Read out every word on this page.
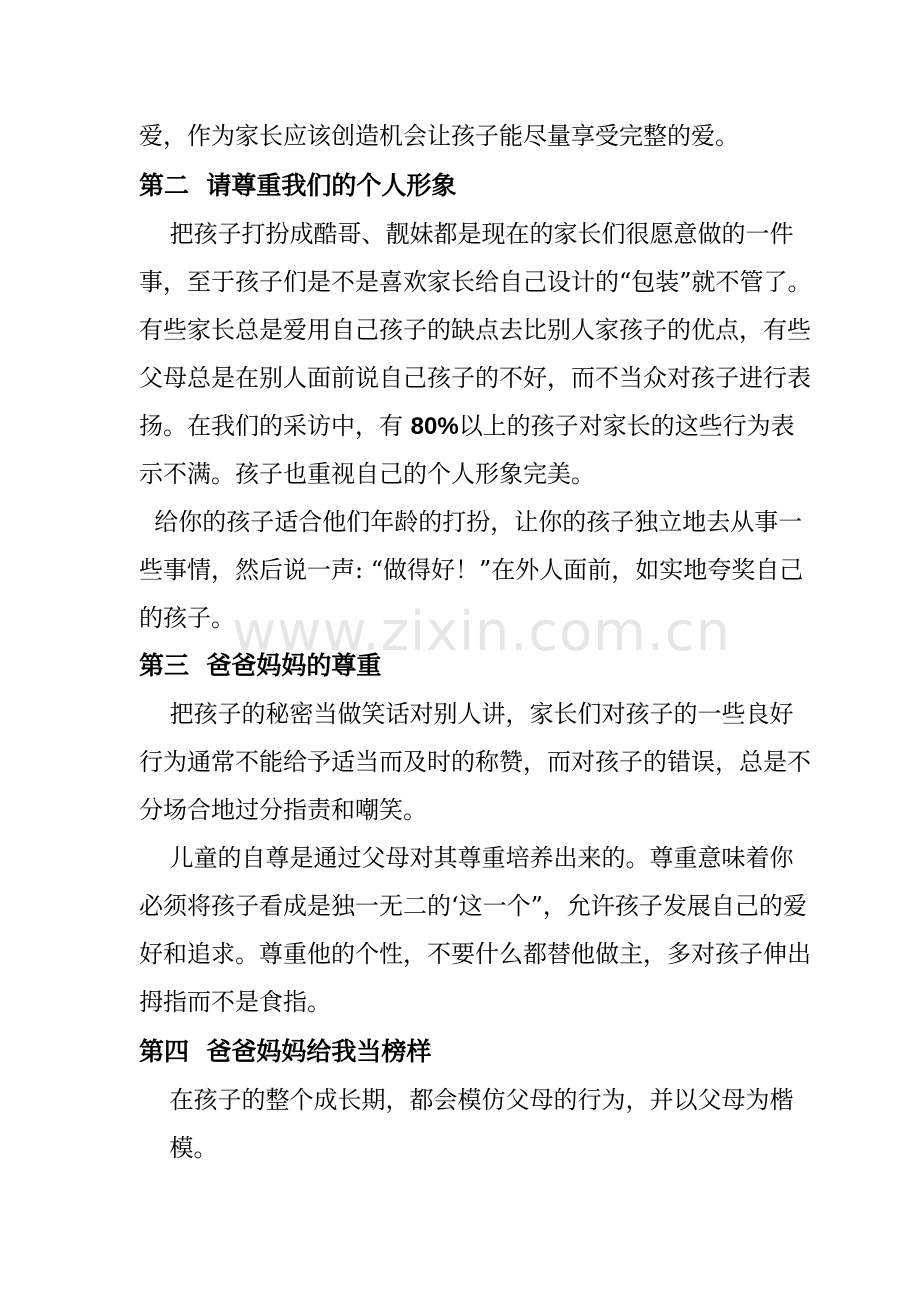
www.zixin.com.cn
爱，作为家长应该创造机会让孩子能尽量享受完整的爱。
第二  请尊重我们的个人形象
把孩子打扮成酷哥、靓妹都是现在的家长们很愿意做的一件
事，至于孩子们是不是喜欢家长给自己设计的“包装”就不管了。
有些家长总是爱用自己孩子的缺点去比别人家孩子的优点，有些
父母总是在别人面前说自己孩子的不好，而不当众对孩子进行表
扬。在我们的采访中，有 80%以上的孩子对家长的这些行为表
示不满。孩子也重视自己的个人形象完美。
给你的孩子适合他们年龄的打扮，让你的孩子独立地去从事一
些事情，然后说一声: “做得好！”在外人面前，如实地夸奖自己
的孩子。
第三  爸爸妈妈的尊重
把孩子的秘密当做笑话对别人讲，家长们对孩子的一些良好
行为通常不能给予适当而及时的称赞，而对孩子的错误，总是不
分场合地过分指责和嘲笑。
儿童的自尊是通过父母对其尊重培养出来的。尊重意味着你
必须将孩子看成是独一无二的‘这一个”，允许孩子发展自己的爱
好和追求。尊重他的个性，不要什么都替他做主，多对孩子伸出
拇指而不是食指。
第四  爸爸妈妈给我当榜样
在孩子的整个成长期，都会模仿父母的行为，并以父母为楷
模。
